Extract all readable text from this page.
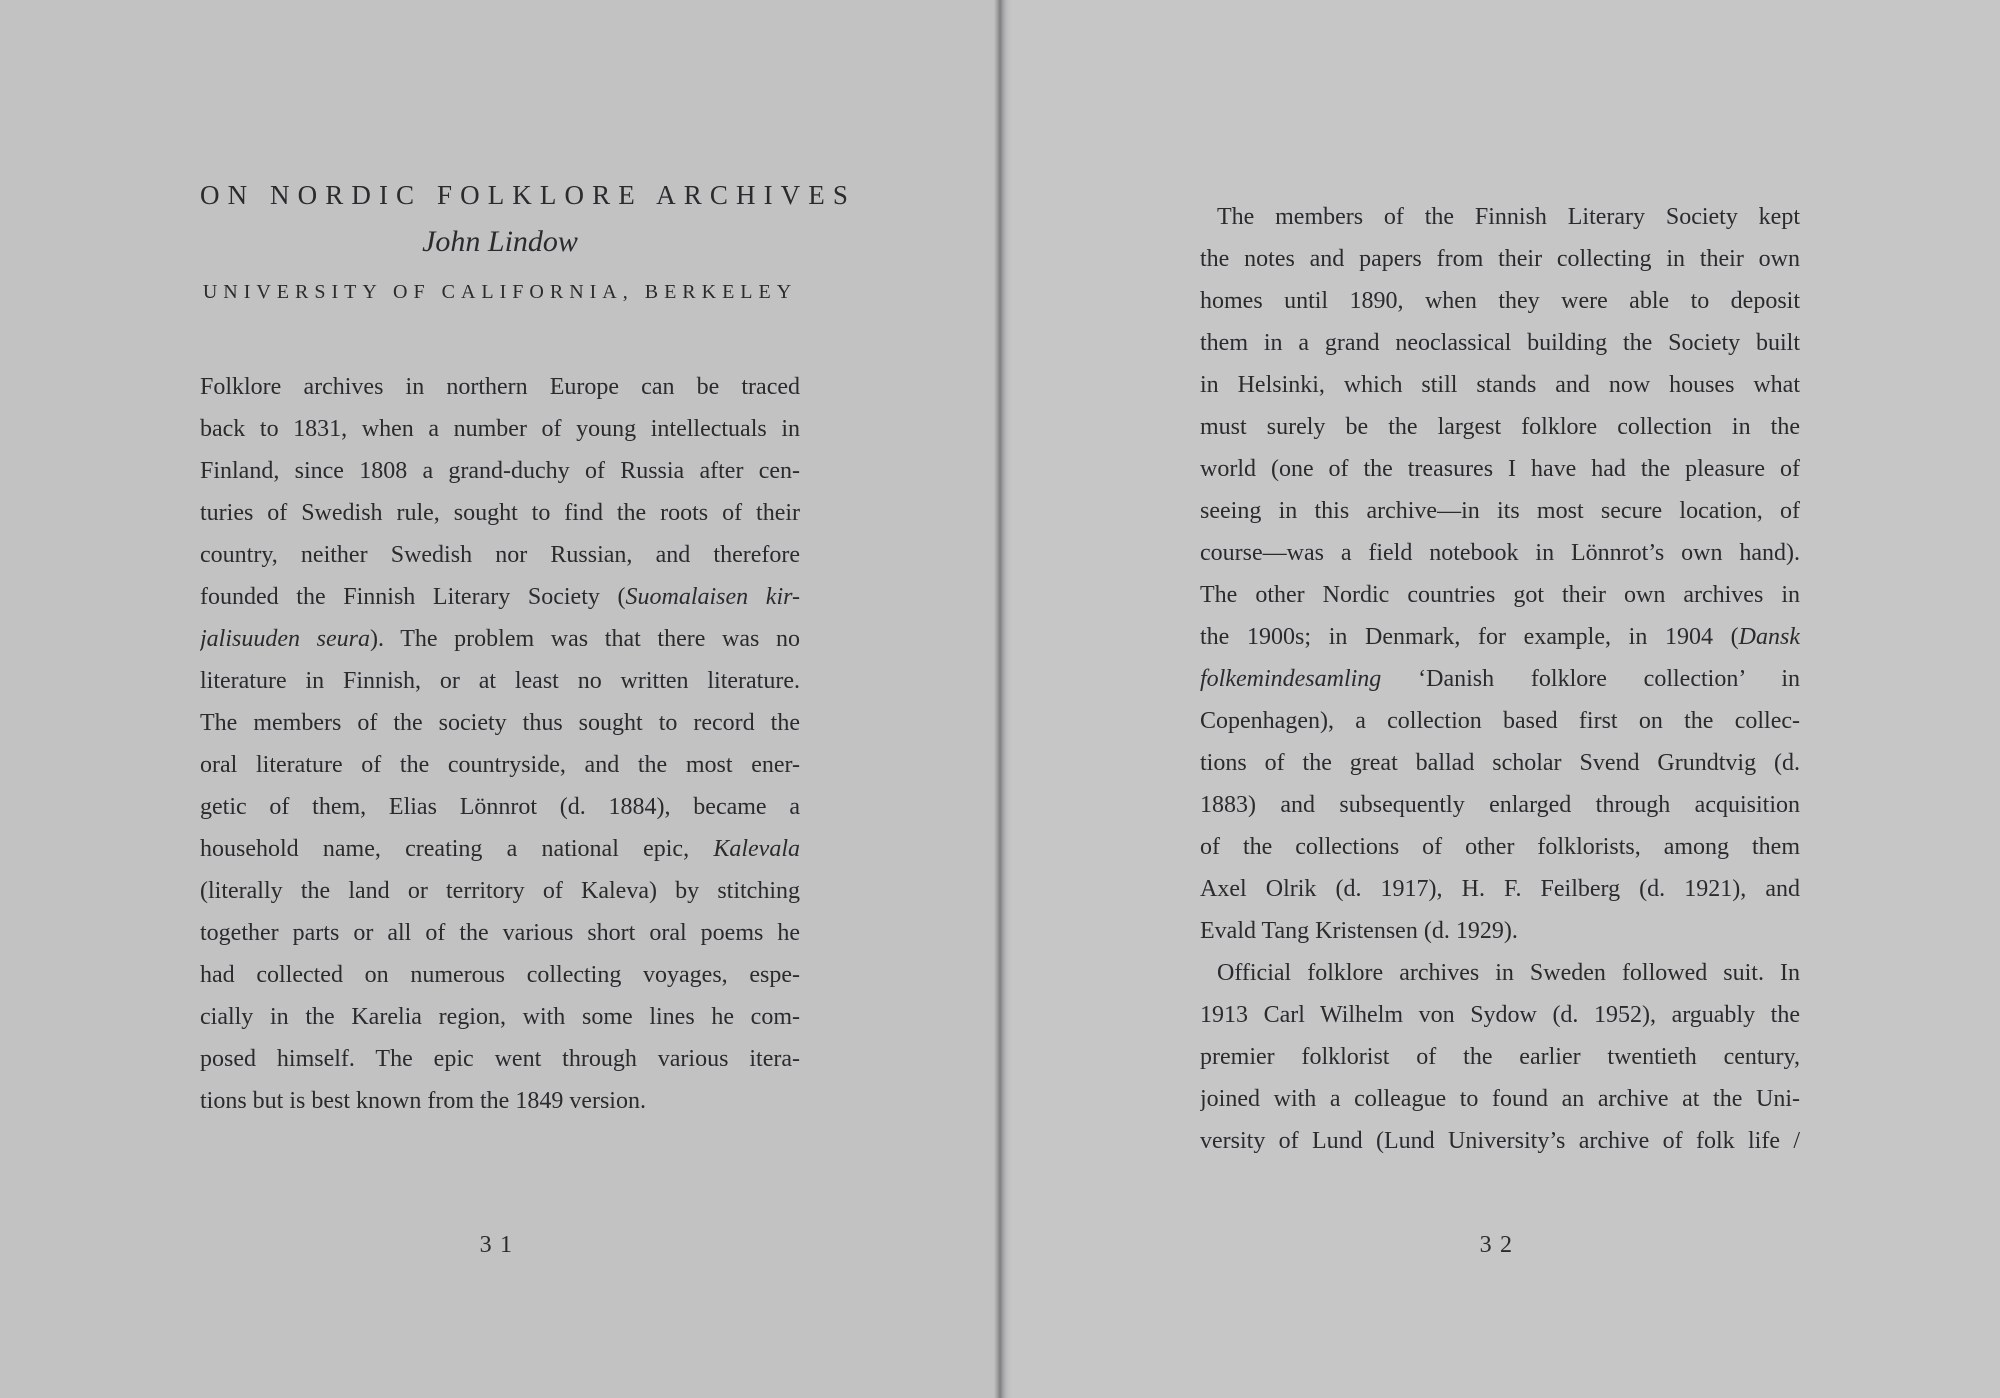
ON NORDIC FOLKLORE ARCHIVES
John Lindow
UNIVERSITY OF CALIFORNIA, BERKELEY
Folklore archives in northern Europe can be traced
back to 1831, when a number of young intellectuals in
Finland, since 1808 a grand-duchy of Russia after cen-
turies of Swedish rule, sought to find the roots of their
country, neither Swedish nor Russian, and therefore
founded the Finnish Literary Society (Suomalaisen kir-
jalisuuden seura). The problem was that there was no
literature in Finnish, or at least no written literature.
The members of the society thus sought to record the
oral literature of the countryside, and the most ener-
getic of them, Elias Lönnrot (d. 1884), became a
household name, creating a national epic, Kalevala
(literally the land or territory of Kaleva) by stitching
together parts or all of the various short oral poems he
had collected on numerous collecting voyages, espe-
cially in the Karelia region, with some lines he com-
posed himself. The epic went through various itera-
tions but is best known from the 1849 version.
31
The members of the Finnish Literary Society kept
the notes and papers from their collecting in their own
homes until 1890, when they were able to deposit
them in a grand neoclassical building the Society built
in Helsinki, which still stands and now houses what
must surely be the largest folklore collection in the
world (one of the treasures I have had the pleasure of
seeing in this archive—in its most secure location, of
course—was a field notebook in Lönnrot’s own hand).
The other Nordic countries got their own archives in
the 1900s; in Denmark, for example, in 1904 (Dansk
folkemindesamling ‘Danish folklore collection’ in
Copenhagen), a collection based first on the collec-
tions of the great ballad scholar Svend Grundtvig (d.
1883) and subsequently enlarged through acquisition
of the collections of other folklorists, among them
Axel Olrik (d. 1917), H. F. Feilberg (d. 1921), and
Evald Tang Kristensen (d. 1929).
Official folklore archives in Sweden followed suit. In
1913 Carl Wilhelm von Sydow (d. 1952), arguably the
premier folklorist of the earlier twentieth century,
joined with a colleague to found an archive at the Uni-
versity of Lund (Lund University’s archive of folk life /
32
